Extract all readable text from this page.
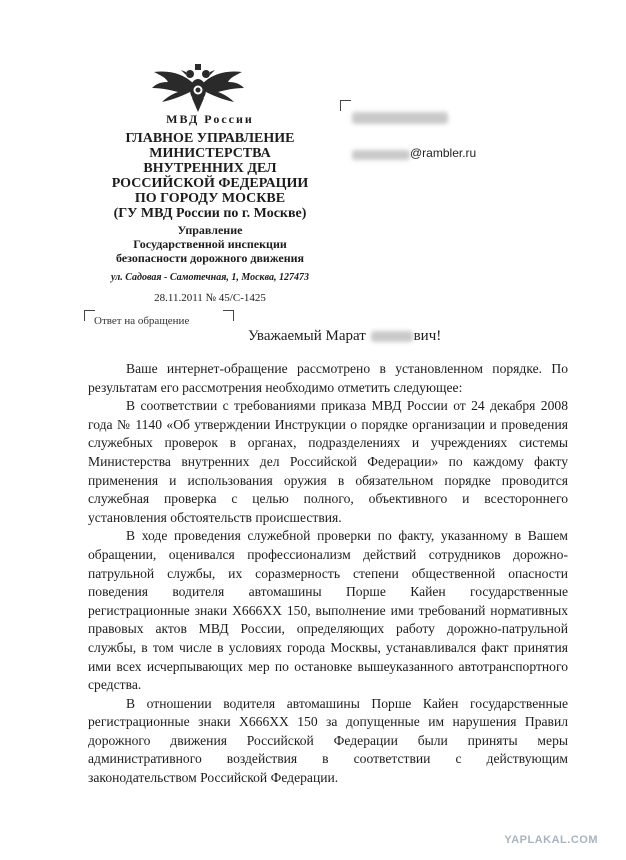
МВД России
ГЛАВНОЕ УПРАВЛЕНИЕ
МИНИСТЕРСТВА
ВНУТРЕННИХ ДЕЛ
РОССИЙСКОЙ ФЕДЕРАЦИИ
ПО ГОРОДУ МОСКВЕ
(ГУ МВД России по г. Москве)
Управление
Государственной инспекции
безопасности дорожного движения
ул. Садовая - Самотечная, 1, Москва, 127473
28.11.2011 № 45/С-1425
@rambler.ru
Ответ на обращение
Уважаемый Марат	вич!

Ваше интернет-обращение рассмотрено в установленном порядке. По результатам его рассмотрения необходимо отметить следующее:

В соответствии с требованиями приказа МВД России от 24 декабря 2008 года № 1140 «Об утверждении Инструкции о порядке организации и проведения служебных проверок в органах, подразделениях и учреждениях системы Министерства внутренних дел Российской Федерации» по каждому факту применения и использования оружия в обязательном порядке проводится служебная проверка с целью полного, объективного и всестороннего установления обстоятельств происшествия.

В ходе проведения служебной проверки по факту, указанному в Вашем обращении, оценивался профессионализм действий сотрудников дорожно-патрульной службы, их соразмерность степени общественной опасности поведения водителя автомашины Порше Кайен государственные регистрационные знаки Х666ХХ 150, выполнение ими требований нормативных правовых актов МВД России, определяющих работу дорожно-патрульной службы, в том числе в условиях города Москвы, устанавливался факт принятия ими всех исчерпывающих мер по остановке вышеуказанного автотранспортного средства.

В отношении водителя автомашины Порше Кайен государственные регистрационные знаки Х666ХХ 150 за допущенные им нарушения Правил дорожного движения Российской Федерации были приняты меры административного воздействия в соответствии с действующим законодательством Российской Федерации.

YAPLAKAL.COM
